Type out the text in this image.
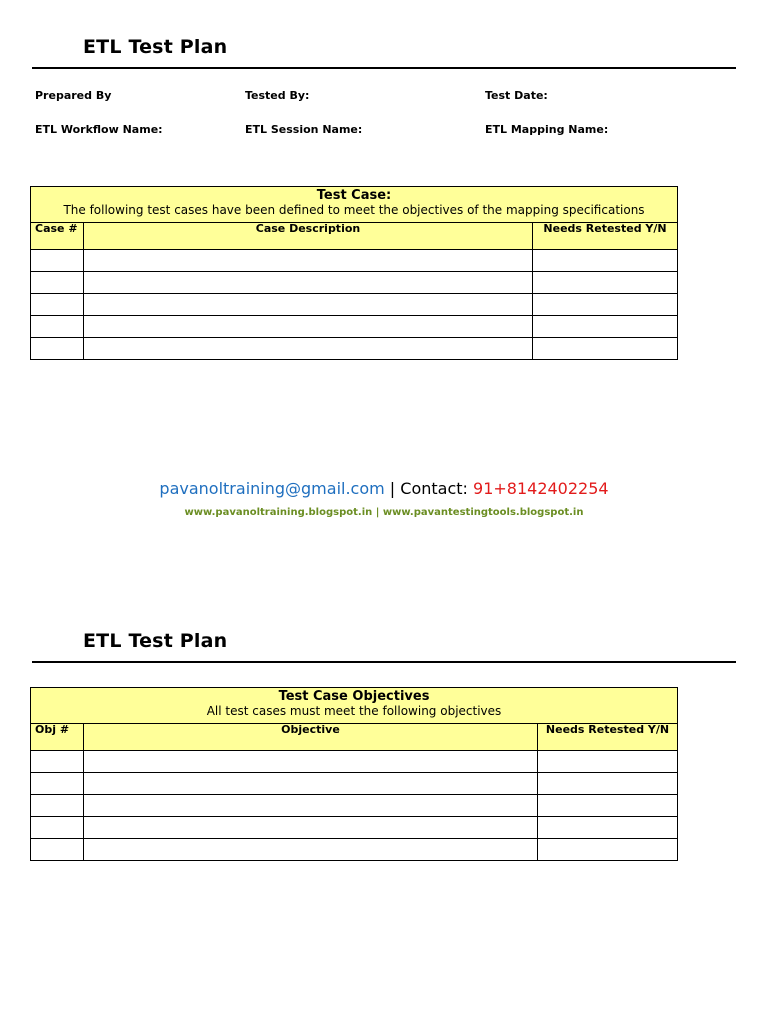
ETL Test Plan
Prepared By	Tested By:	Test Date:
ETL Workflow Name:	ETL Session Name:	ETL Mapping Name:
Test Case:
The following test cases have been defined to meet the objectives of the mapping specifications		

Case #	Case Description	Needs Retested Y/N

pavanoltraining@gmail.com | Contact: 91+8142402254
www.pavanoltraining.blogspot.in | www.pavantestingtools.blogspot.in
ETL Test Plan
Test Case Objectives
All test cases must meet the following objectives		

Obj #	Objective	Needs Retested Y/N
